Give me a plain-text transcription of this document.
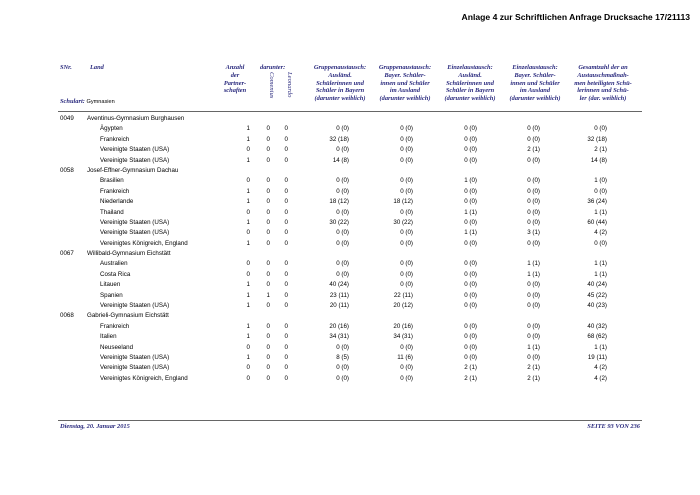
Anlage 4 zur Schriftlichen Anfrage Drucksache 17/21113
SNr.	Land
Schulart: Gymnasien
Anzahl
der
Partner-
schaften
darunter:
Comenius Leonardo
Gruppenaustausch:
Ausländ.
Schülerinnen und
Schüler in Bayern
(darunter weiblich)
Gruppenaustausch:
Bayer. Schüler-
innen und Schüler
im Ausland
(darunter weiblich)
Einzelaustausch:
Ausländ.
Schülerinnen und
Schüler in Bayern
(darunter weiblich)
Einzelaustausch:
Bayer. Schüler-
innen und Schüler
im Ausland
(darunter weiblich)
Gesamtzahl der an
Austauschmaßnah-
men beteiligten Schü-
lerinnen und Schü-
ler (dar. weiblich)
0049 Aventinus-Gymnasium Burghausen
Ägypten	1	0	0	0 (0)	0 (0)	0 (0)	0 (0)	0 (0)
Frankreich	1	0	0	32 (18)	0 (0)	0 (0)	0 (0)	32 (18)
Vereinigte Staaten (USA)	0	0	0	0 (0)	0 (0)	0 (0)	2 (1)	2 (1)
Vereinigte Staaten (USA)	1	0	0	14 (8)	0 (0)	0 (0)	0 (0)	14 (8)
0058 Josef-Effner-Gymnasium Dachau
Brasilien	0	0	0	0 (0)	0 (0)	1 (0)	0 (0)	1 (0)
Frankreich	1	0	0	0 (0)	0 (0)	0 (0)	0 (0)	0 (0)
Niederlande	1	0	0	18 (12)	18 (12)	0 (0)	0 (0)	36 (24)
Thailand	0	0	0	0 (0)	0 (0)	1 (1)	0 (0)	1 (1)
Vereinigte Staaten (USA)	1	0	0	30 (22)	30 (22)	0 (0)	0 (0)	60 (44)
Vereinigte Staaten (USA)	0	0	0	0 (0)	0 (0)	1 (1)	3 (1)	4 (2)
Vereinigtes Königreich, England	1	0	0	0 (0)	0 (0)	0 (0)	0 (0)	0 (0)
0067 Willibald-Gymnasium Eichstätt
Australien	0	0	0	0 (0)	0 (0)	0 (0)	1 (1)	1 (1)
Costa Rica	0	0	0	0 (0)	0 (0)	0 (0)	1 (1)	1 (1)
Litauen	1	0	0	40 (24)	0 (0)	0 (0)	0 (0)	40 (24)
Spanien	1	1	0	23 (11)	22 (11)	0 (0)	0 (0)	45 (22)
Vereinigte Staaten (USA)	1	0	0	20 (11)	20 (12)	0 (0)	0 (0)	40 (23)
0068 Gabrieli-Gymnasium Eichstätt
Frankreich	1	0	0	20 (16)	20 (16)	0 (0)	0 (0)	40 (32)
Italien	1	0	0	34 (31)	34 (31)	0 (0)	0 (0)	68 (62)
Neuseeland	0	0	0	0 (0)	0 (0)	0 (0)	1 (1)	1 (1)
Vereinigte Staaten (USA)	1	0	0	8 (5)	11 (6)	0 (0)	0 (0)	19 (11)
Vereinigte Staaten (USA)	0	0	0	0 (0)	0 (0)	2 (1)	2 (1)	4 (2)
Vereinigtes Königreich, England	0	0	0	0 (0)	0 (0)	2 (1)	2 (1)	4 (2)
Dienstag, 20. Januar 2015	SEITE 93 VON 236
